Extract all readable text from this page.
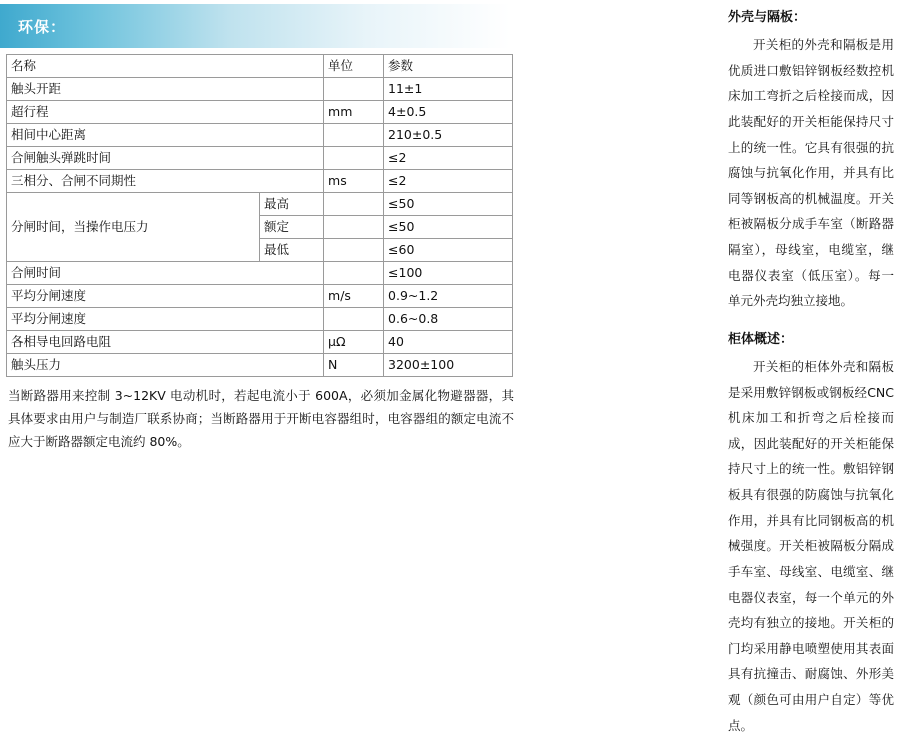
环保：
名称		单位	参数
触头开距			11±1
超行程		mm	4±0.5
相间中心距离			210±0.5
合闸触头弹跳时间			≤2
三相分、合闸不同期性		ms	≤2
分闸时间，当操作电压力	最高		≤50
	额定		≤50
	最低		≤60
合闸时间			≤100
平均分闸速度		m/s	0.9~1.2
平均分闸速度			0.6~0.8
各相导电回路电阻		μΩ	40
触头压力		N	3200±100

当断路器用来控制 3~12KV 电动机时，若起电流小于 600A，必须加金属化物避器器，其具体要求由用户与制造厂联系协商；当断路器用于开断电容器组时，电容器组的额定电流不应大于断路器额定电流约 80%。

外壳与隔板：

开关柜的外壳和隔板是用优质进口敷铝锌钢板经数控机床加工弯折之后栓接而成，因此装配好的开关柜能保持尺寸上的统一性。它具有很强的抗腐蚀与抗氧化作用，并具有比同等钢板高的机械温度。开关柜被隔板分成手车室（断路器隔室），母线室，电缆室，继电器仪表室（低压室）。每一单元外壳均独立接地。

柜体概述：

开关柜的柜体外壳和隔板是采用敷锌钢板或钢板经CNC机床加工和折弯之后栓接而成，因此装配好的开关柜能保持尺寸上的统一性。敷铝锌钢板具有很强的防腐蚀与抗氧化作用，并具有比同钢板高的机械强度。开关柜被隔板分隔成手车室、母线室、电缆室、继电器仪表室，每一个单元的外壳均有独立的接地。开关柜的门均采用静电喷塑使用其表面具有抗撞击、耐腐蚀、外形美观（颜色可由用户自定）等优点。
